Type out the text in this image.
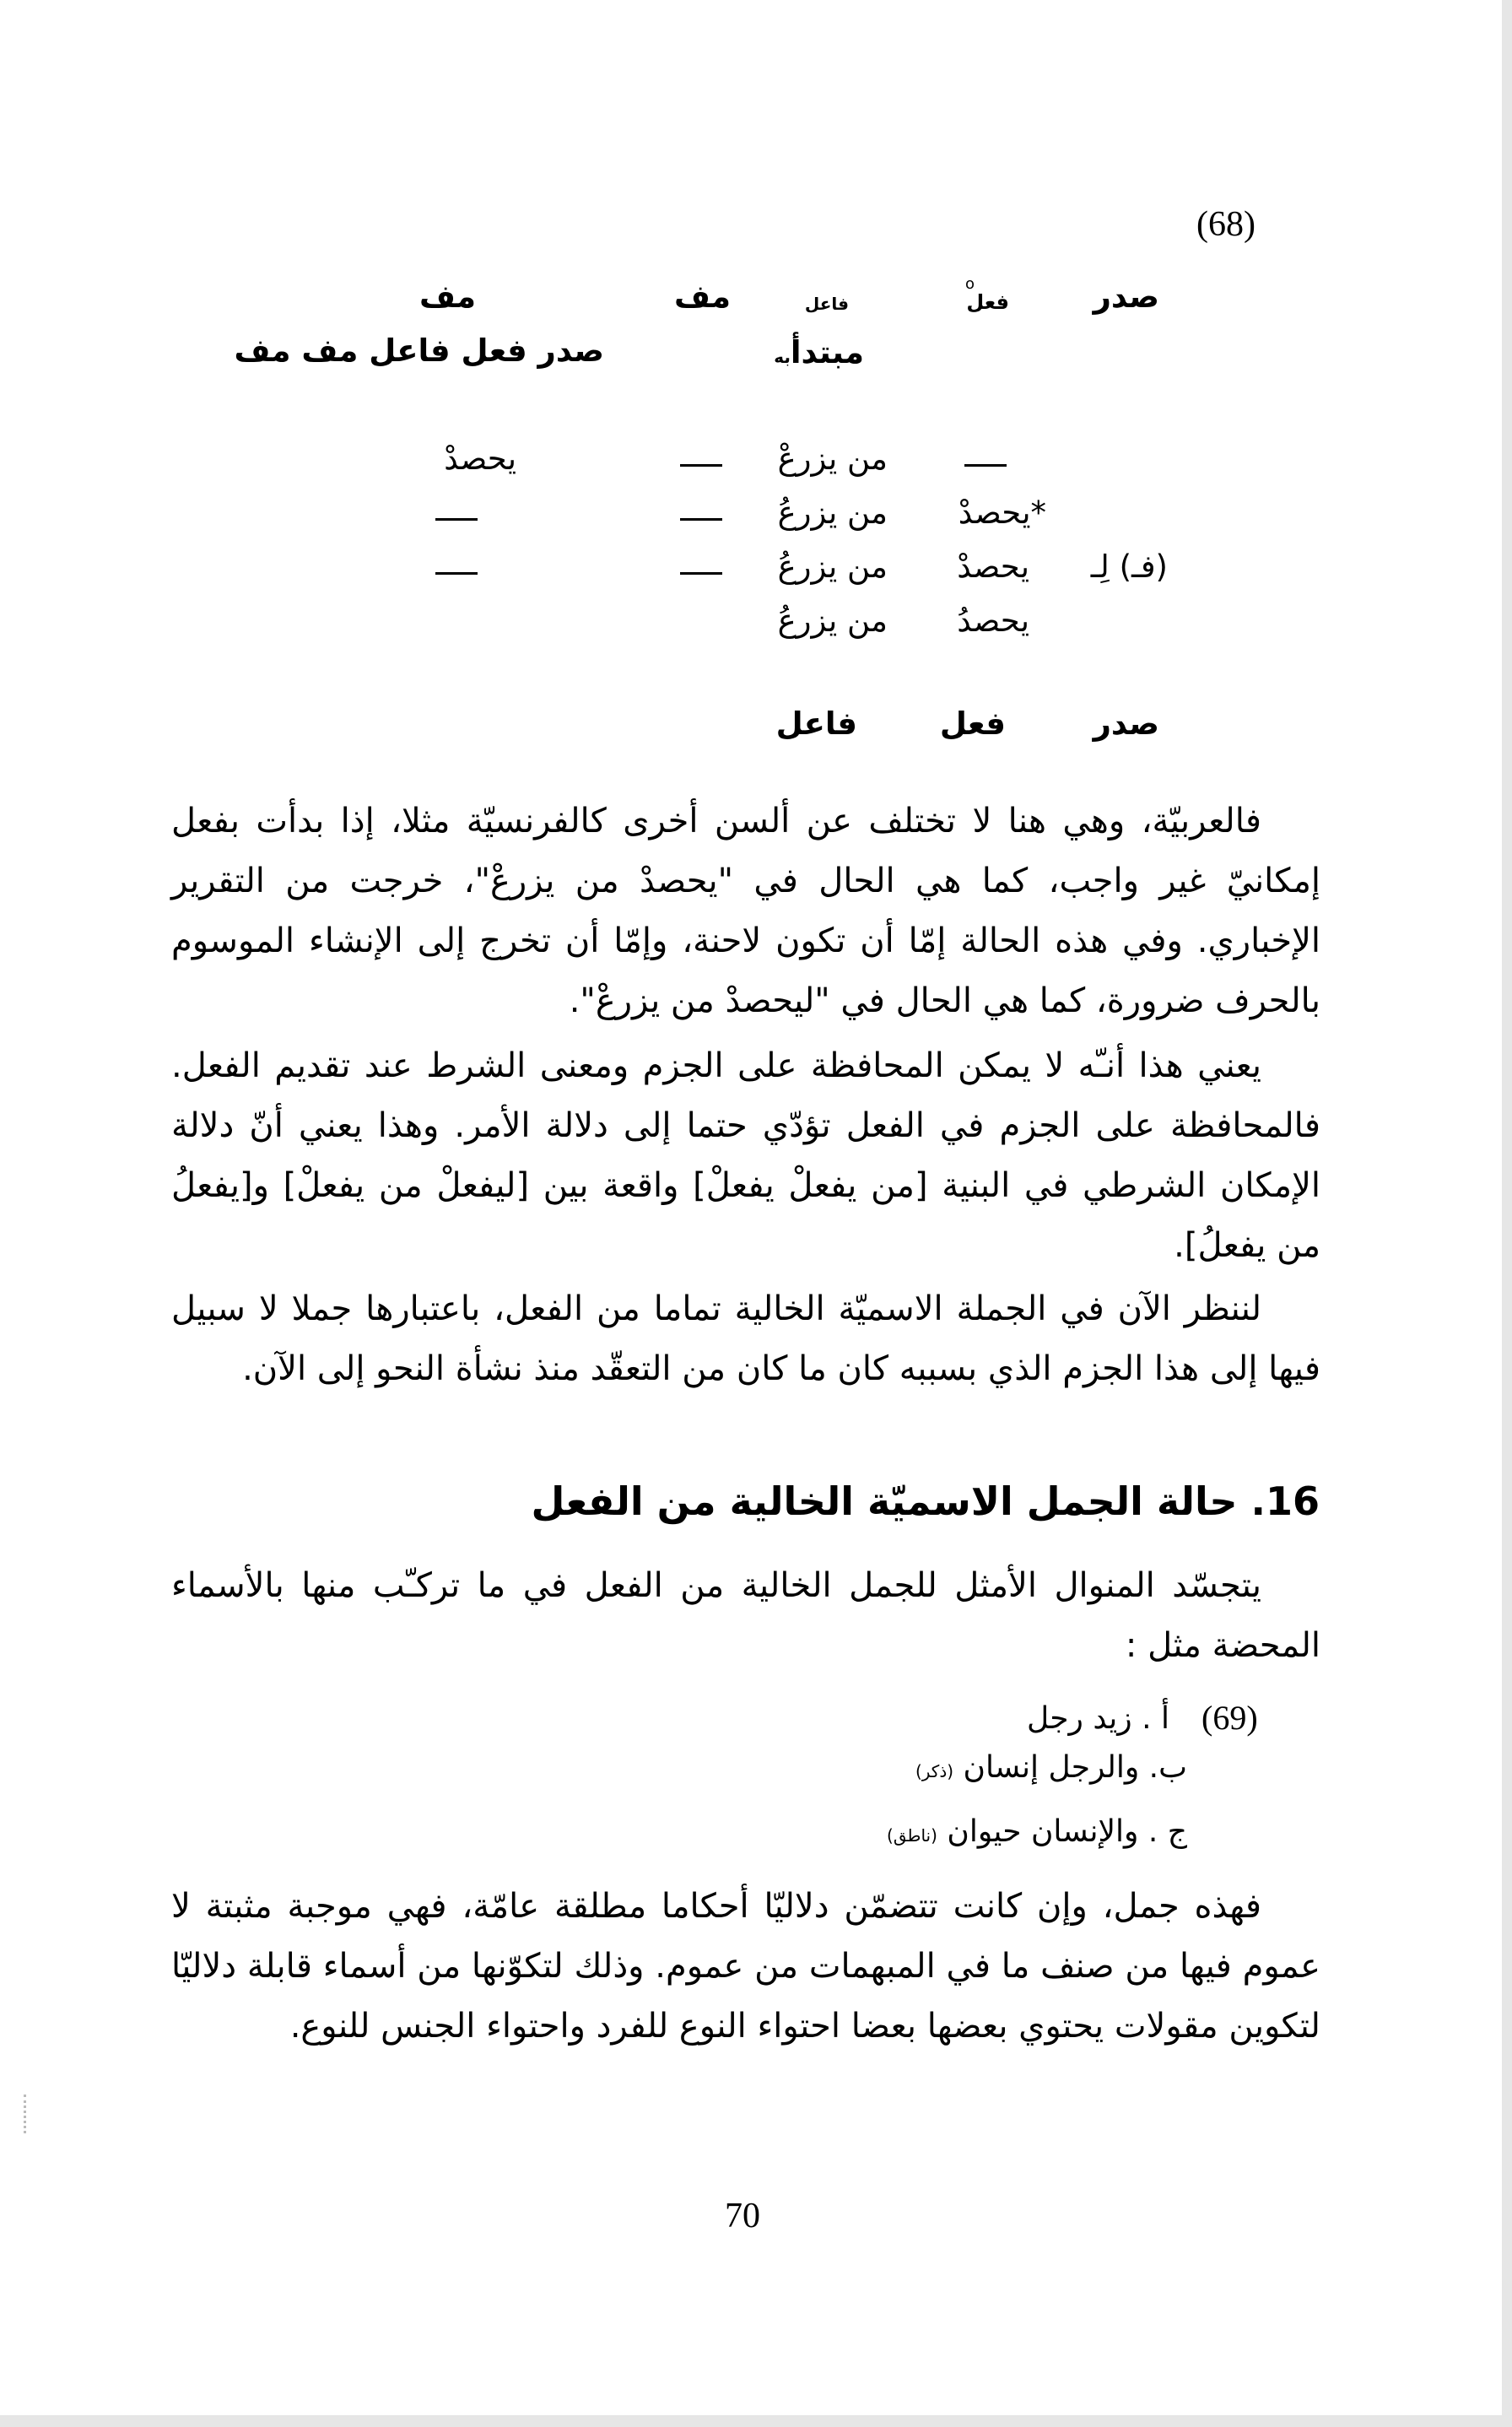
(68)
صدر
فعل
o
فاعل
مف
مف
مبتدأبه
صدر فعل فاعل مف مف
من يزرعْ
يحصدْ
*يحصدْ
من يزرعُ
(فـ) لِـ
يحصدْ
من يزرعُ
يحصدُ
من يزرعُ
صدر
فعل
فاعل

فالعربيّة، وهي هنا لا تختلف عن ألسن أخرى كالفرنسيّة مثلا، إذا بدأت بفعل إمكانيّ غير واجب، كما هي الحال في "يحصدْ من يزرعْ"، خرجت من التقرير الإخباري. وفي هذه الحالة إمّا أن تكون لاحنة، وإمّا أن تخرج إلى الإنشاء الموسوم بالحرف ضرورة، كما هي الحال في "ليحصدْ من يزرعْ".

يعني هذا أنـّه لا يمكن المحافظة على الجزم ومعنى الشرط عند تقديم الفعل. فالمحافظة على الجزم في الفعل تؤدّي حتما إلى دلالة الأمر. وهذا يعني أنّ دلالة الإمكان الشرطي في البنية [من يفعلْ يفعلْ] واقعة بين [ليفعلْ من يفعلْ] و[يفعلُ من يفعلُ].

لننظر الآن في الجملة الاسميّة الخالية تماما من الفعل، باعتبارها جملا لا سبيل فيها إلى هذا الجزم الذي بسببه كان ما كان من التعقّد منذ نشأة النحو إلى الآن.

16. حالة الجمل الاسميّة الخالية من الفعل

يتجسّد المنوال الأمثل للجمل الخالية من الفعل في ما تركـّب منها بالأسماء المحضة مثل :

(69)
أ . زيد رجل
ب. والرجل إنسان (ذكر)
ج . والإنسان حيوان (ناطق)

فهذه جمل، وإن كانت تتضمّن دلاليّا أحكاما مطلقة عامّة، فهي موجبة مثبتة لا عموم فيها من صنف ما في المبهمات من عموم. وذلك لتكوّنها من أسماء قابلة دلاليّا لتكوين مقولات يحتوي بعضها بعضا احتواء النوع للفرد واحتواء الجنس للنوع.

70
